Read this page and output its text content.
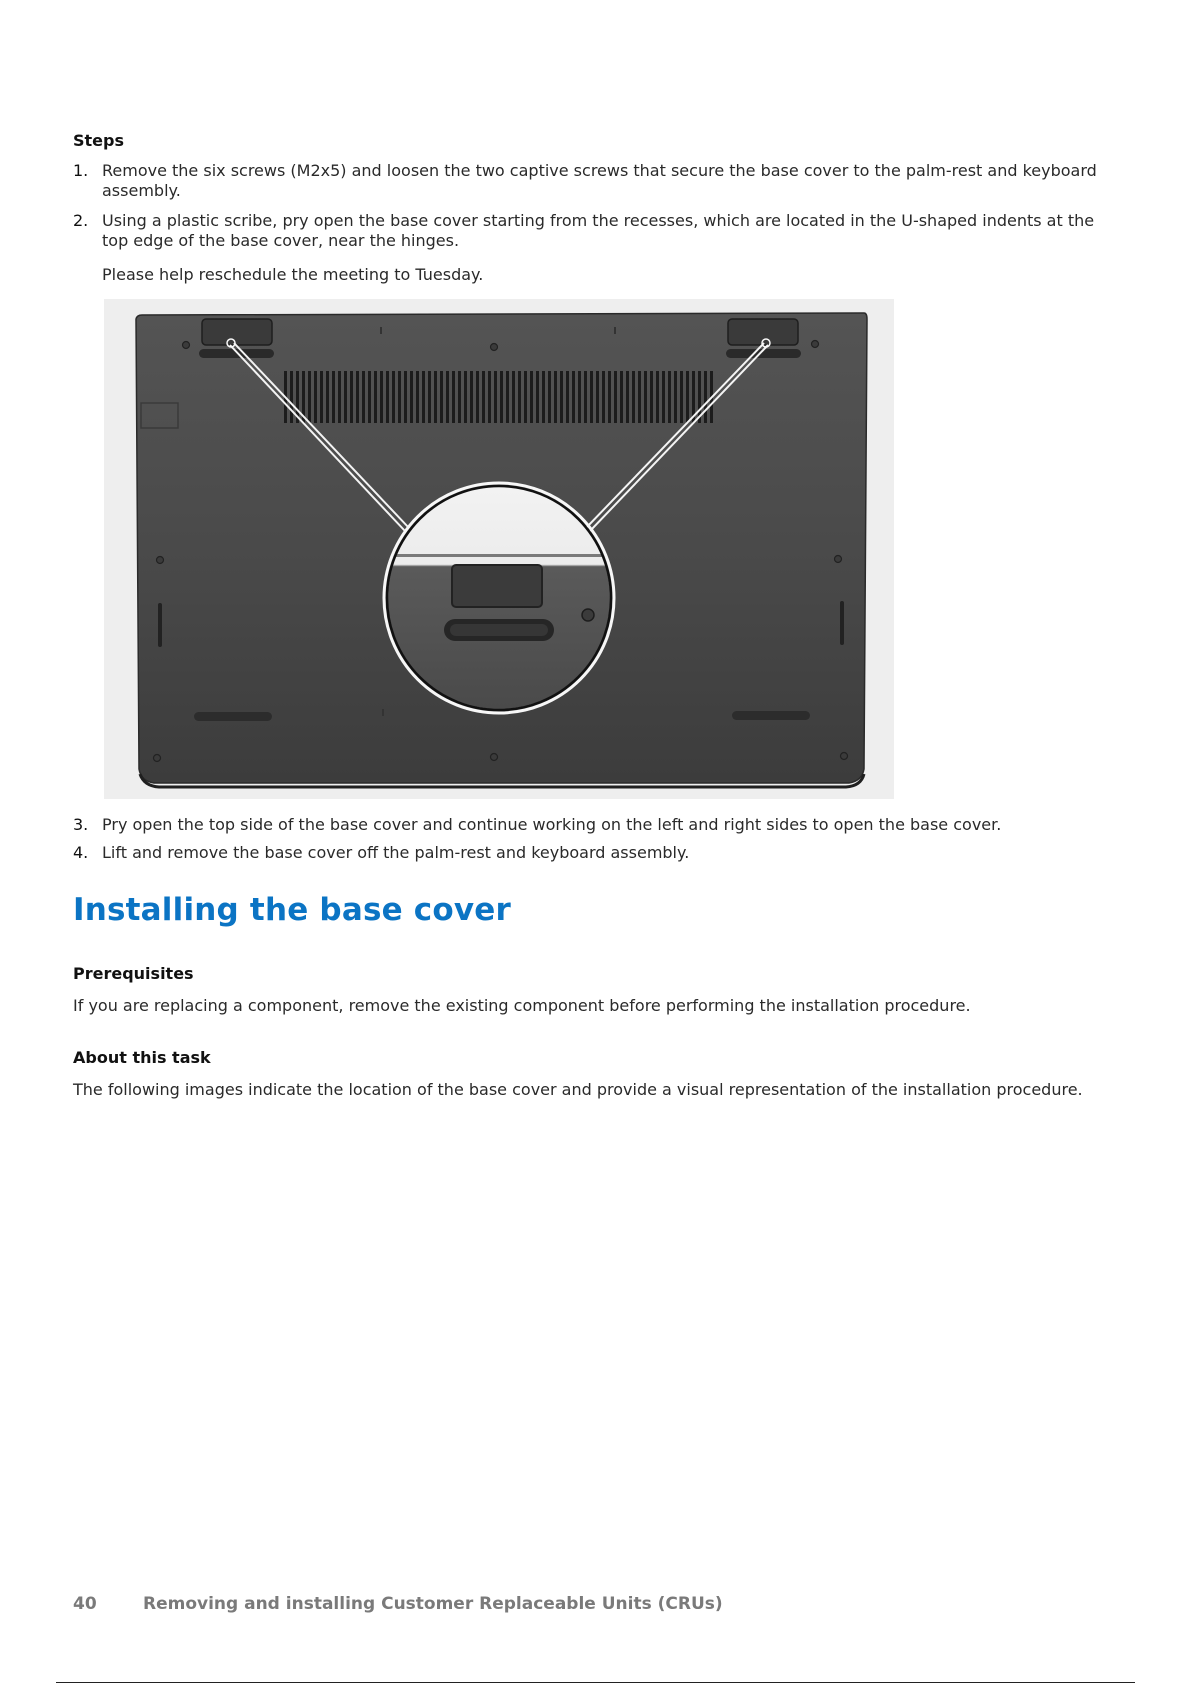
Steps

1. Remove the six screws (M2x5) and loosen the two captive screws that secure the base cover to the palm-rest and keyboard assembly.
2. Using a plastic scribe, pry open the base cover starting from the recesses, which are located in the U-shaped indents at the top edge of the base cover, near the hinges.
Please help reschedule the meeting to Tuesday.
3. Pry open the top side of the base cover and continue working on the left and right sides to open the base cover.
4. Lift and remove the base cover off the palm-rest and keyboard assembly.
Installing the base cover

Prerequisites

If you are replacing a component, remove the existing component before performing the installation procedure.

About this task

The following images indicate the location of the base cover and provide a visual representation of the installation procedure.
40	Removing and installing Customer Replaceable Units (CRUs)
